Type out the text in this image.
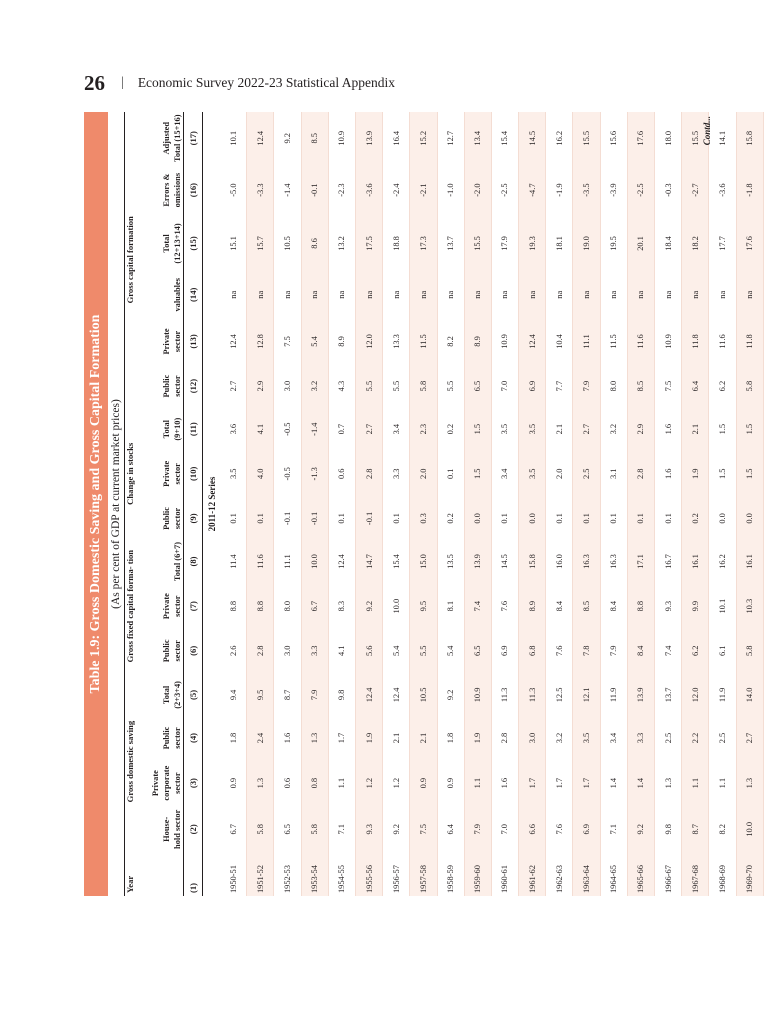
26 | Economic Survey 2022-23 Statistical Appendix
Table 1.9: Gross Domestic Saving and Gross Capital Formation (As per cent of GDP at current market prices)
Year	Gross domestic saving				Gross fixed capital forma- tion			Change in stocks			Gross capital formation					
	House- hold sector	Private corporate sector	Public sector	Total (2+3+4)	Public sector	Private sector	Total (6+7)	Public sector	Private sector	Total (9+10)	Public sector	Private sector	valuables	Total (12+13+14)	Errors & omissions	Adjusted Total (15+16)
(1)	(2)	(3)	(4)	(5)	(6)	(7)	(8)	(9)	(10)	(11)	(12)	(13)	(14)	(15)	(16)	(17)
2011-12 Series																
1950-51	6.7	0.9	1.8	9.4	2.6	8.8	11.4	0.1	3.5	3.6	2.7	12.4	na	15.1	-5.0	10.1
1951-52	5.8	1.3	2.4	9.5	2.8	8.8	11.6	0.1	4.0	4.1	2.9	12.8	na	15.7	-3.3	12.4
1952-53	6.5	0.6	1.6	8.7	3.0	8.0	11.1	-0.1	-0.5	-0.5	3.0	7.5	na	10.5	-1.4	9.2
1953-54	5.8	0.8	1.3	7.9	3.3	6.7	10.0	-0.1	-1.3	-1.4	3.2	5.4	na	8.6	-0.1	8.5
1954-55	7.1	1.1	1.7	9.8	4.1	8.3	12.4	0.1	0.6	0.7	4.3	8.9	na	13.2	-2.3	10.9
1955-56	9.3	1.2	1.9	12.4	5.6	9.2	14.7	-0.1	2.8	2.7	5.5	12.0	na	17.5	-3.6	13.9
1956-57	9.2	1.2	2.1	12.4	5.4	10.0	15.4	0.1	3.3	3.4	5.5	13.3	na	18.8	-2.4	16.4
1957-58	7.5	0.9	2.1	10.5	5.5	9.5	15.0	0.3	2.0	2.3	5.8	11.5	na	17.3	-2.1	15.2
1958-59	6.4	0.9	1.8	9.2	5.4	8.1	13.5	0.2	0.1	0.2	5.5	8.2	na	13.7	-1.0	12.7
1959-60	7.9	1.1	1.9	10.9	6.5	7.4	13.9	0.0	1.5	1.5	6.5	8.9	na	15.5	-2.0	13.4
1960-61	7.0	1.6	2.8	11.3	6.9	7.6	14.5	0.1	3.4	3.5	7.0	10.9	na	17.9	-2.5	15.4
1961-62	6.6	1.7	3.0	11.3	6.8	8.9	15.8	0.0	3.5	3.5	6.9	12.4	na	19.3	-4.7	14.5
1962-63	7.6	1.7	3.2	12.5	7.6	8.4	16.0	0.1	2.0	2.1	7.7	10.4	na	18.1	-1.9	16.2
1963-64	6.9	1.7	3.5	12.1	7.8	8.5	16.3	0.1	2.5	2.7	7.9	11.1	na	19.0	-3.5	15.5
1964-65	7.1	1.4	3.4	11.9	7.9	8.4	16.3	0.1	3.1	3.2	8.0	11.5	na	19.5	-3.9	15.6
1965-66	9.2	1.4	3.3	13.9	8.4	8.8	17.1	0.1	2.8	2.9	8.5	11.6	na	20.1	-2.5	17.6
1966-67	9.8	1.3	2.5	13.7	7.4	9.3	16.7	0.1	1.6	1.6	7.5	10.9	na	18.4	-0.3	18.0
1967-68	8.7	1.1	2.2	12.0	6.2	9.9	16.1	0.2	1.9	2.1	6.4	11.8	na	18.2	-2.7	15.5
1968-69	8.2	1.1	2.5	11.9	6.1	10.1	16.2	0.0	1.5	1.5	6.2	11.6	na	17.7	-3.6	14.1
1969-70	10.0	1.3	2.7	14.0	5.8	10.3	16.1	0.0	1.5	1.5	5.8	11.8	na	17.6	-1.8	15.8
Contd...
